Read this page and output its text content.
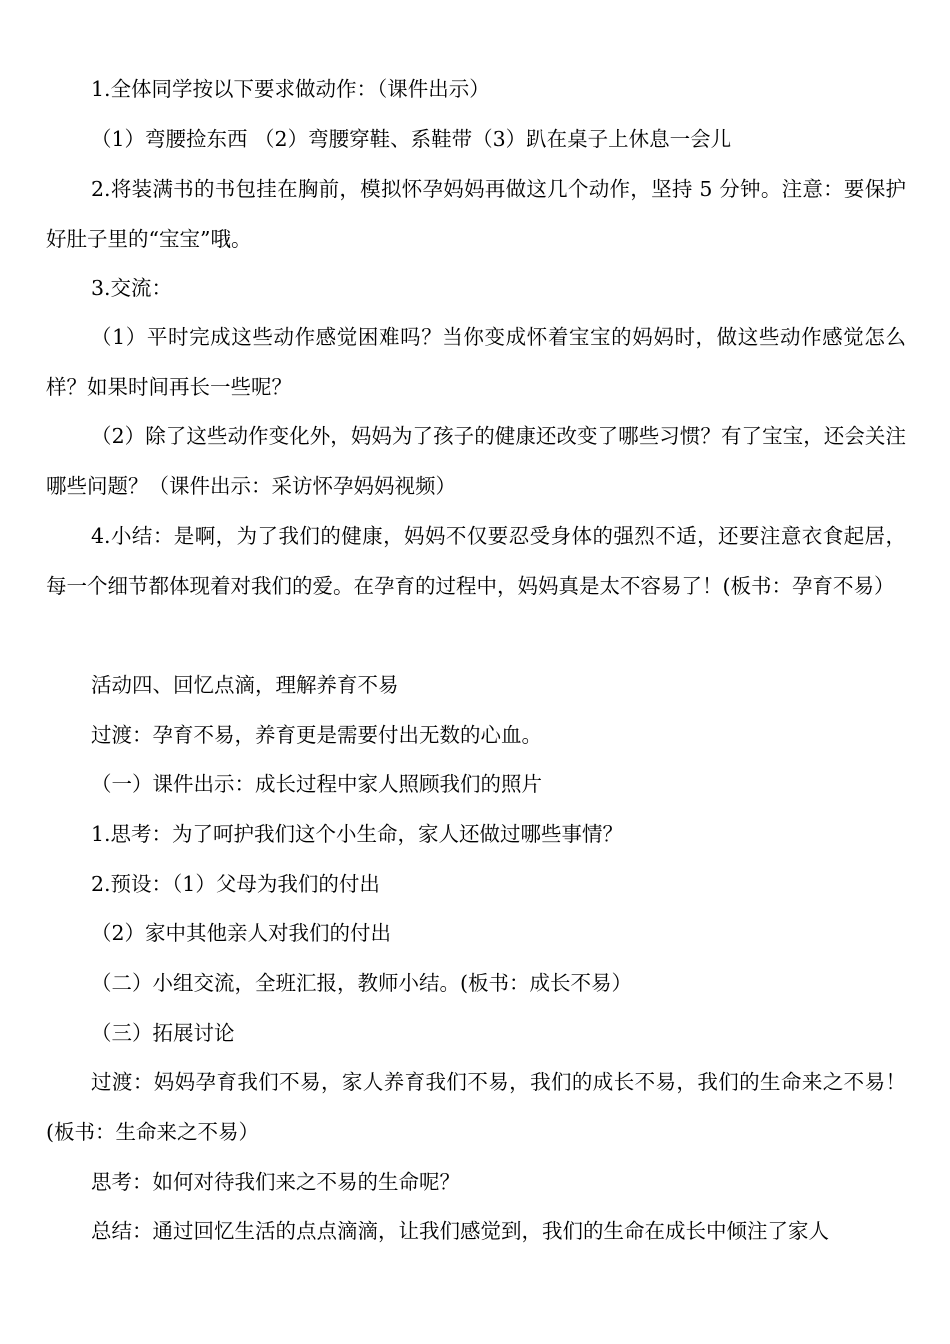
1.全体同学按以下要求做动作：（课件出示）

（1）弯腰捡东西 （2）弯腰穿鞋、系鞋带（3）趴在桌子上休息一会儿

2.将装满书的书包挂在胸前，模拟怀孕妈妈再做这几个动作，坚持 5 分钟。注意：要保护好肚子里的“宝宝”哦。

3.交流：

（1）平时完成这些动作感觉困难吗？当你变成怀着宝宝的妈妈时，做这些动作感觉怎么样？如果时间再长一些呢？

（2）除了这些动作变化外，妈妈为了孩子的健康还改变了哪些习惯？有了宝宝，还会关注哪些问题？（课件出示：采访怀孕妈妈视频）

4.小结：是啊，为了我们的健康，妈妈不仅要忍受身体的强烈不适，还要注意衣食起居，每一个细节都体现着对我们的爱。在孕育的过程中，妈妈真是太不容易了！(板书：孕育不易）

活动四、回忆点滴，理解养育不易

过渡：孕育不易，养育更是需要付出无数的心血。

（一）课件出示：成长过程中家人照顾我们的照片

1.思考：为了呵护我们这个小生命，家人还做过哪些事情？

2.预设：（1）父母为我们的付出

（2）家中其他亲人对我们的付出

（二）小组交流，全班汇报，教师小结。(板书：成长不易）

（三）拓展讨论

过渡：妈妈孕育我们不易，家人养育我们不易，我们的成长不易，我们的生命来之不易！(板书：生命来之不易）

思考：如何对待我们来之不易的生命呢？

总结：通过回忆生活的点点滴滴，让我们感觉到，我们的生命在成长中倾注了家人
